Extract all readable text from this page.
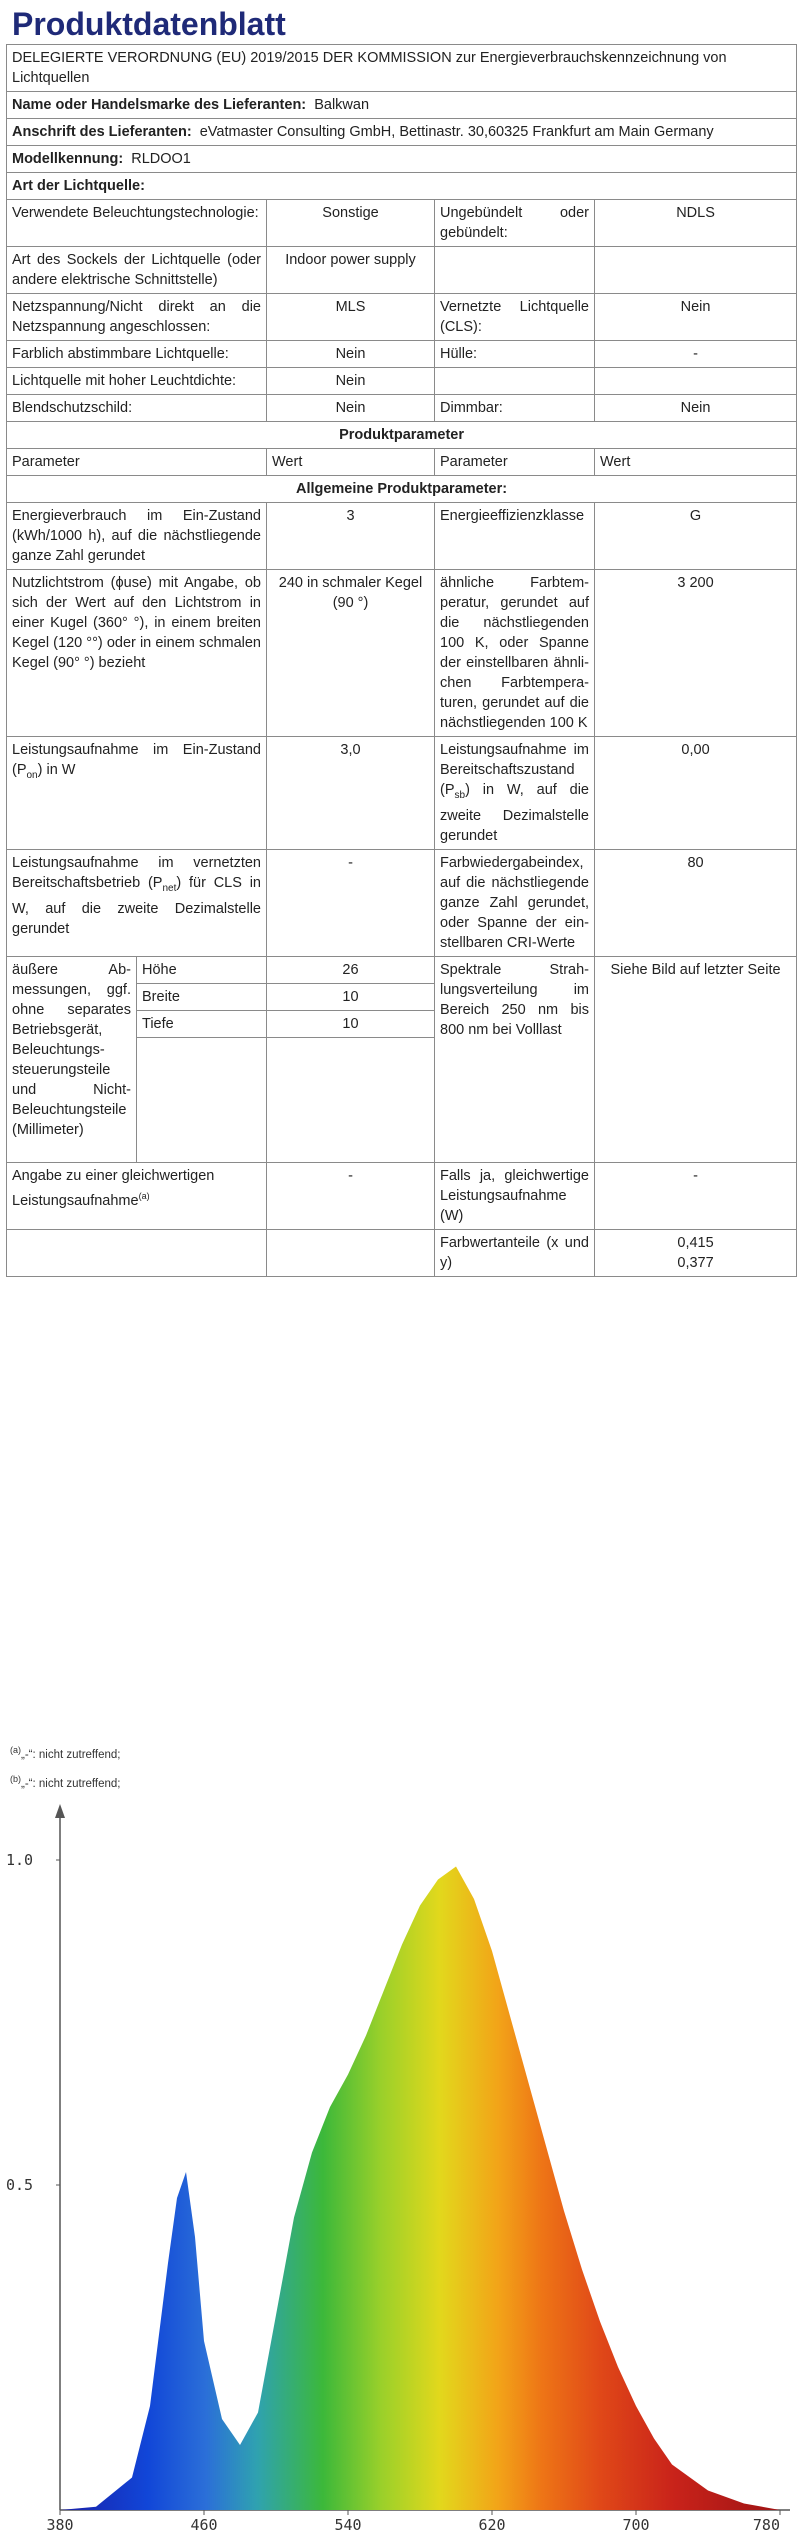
Produktdatenblatt
DELEGIERTE VERORDNUNG (EU) 2019/2015 DER KOMMISSION zur Energieverbrauchskennzeichnung von Lichtquellen				
Name oder Handelsmarke des Lieferanten: Balkwan				
Anschrift des Lieferanten: eVatmaster Consulting GmbH, Bettinastr. 30,60325 Frankfurt am Main Germany				
Modellkennung: RLDOO1				
Art der Lichtquelle:				
Verwendete Beleuchtungstechnologie:		Sonstige	Ungebündelt oder gebündelt:	NDLS
Art des Sockels der Lichtquelle (oder andere elektrische Schnittstelle)		Indoor power supply		
Netzspannung/Nicht direkt an die Netzspannung angeschlossen:		MLS	Vernetzte Lichtquelle (CLS):	Nein
Farblich abstimmbare Lichtquelle:		Nein	Hülle:	-
Lichtquelle mit hoher Leuchtdichte:		Nein		
Blendschutzschild:		Nein	Dimmbar:	Nein
Produktparameter				
Parameter		Wert	Parameter	Wert
Allgemeine Produktparameter:				
Energieverbrauch im Ein-Zustand (kWh/1000 h), auf die nächstliegende ganze Zahl gerundet		3	Energieeffizienzklasse	G
Nutzlichtstrom (ϕuse) mit Angabe, ob sich der Wert auf den Lichtstrom in einer Kugel (360° °), in einem breiten Kegel (120 °°) oder in einem schmalen Kegel (90° °) bezieht		240 in schmaler Kegel (90 °)	ähnliche Farbtemperatur, gerundet auf die nächstliegenden 100 K, oder Spanne der einstellbaren ähnlichen Farbtemperaturen, gerundet auf die nächstliegenden 100 K	3 200
Leistungsaufnahme im Ein-Zustand $(P_{on})$ in W		3,0	Leistungsaufnahme im Bereitschaftszustand $(P_{sb})$ in W, auf die zweite Dezimalstelle gerundet	0,00
Leistungsaufnahme im vernetzten Bereitschaftsbetrieb $(P_{net})$ für CLS in W, auf die zweite Dezimalstelle gerundet		-	Farbwiedergabeindex, auf die nächstliegende ganze Zahl gerundet, oder Spanne der einstellbaren CRI-Werte	80
äußere Abmessungen, ggf. ohne separates Betriebsgerät, Beleuchtungssteuerungsteile und Nicht-Beleuchtungsteile (Millimeter)	Höhe	26	Spektrale Strahlungsverteilung im Bereich 250 nm bis 800 nm bei Volllast	Siehe Bild auf letzter Seite
	Breite	10		
	Tiefe	10		

Angabe zu einer gleichwertigen Leistungsaufnahme$^{(a)}$		-	Falls ja, gleichwertige Leistungsaufnahme (W)	-
			Farbwertanteile (x und y)	0,415
0,377
$^{(a)}$„-“: nicht zutreffend;
$^{(b)}$„-“: nicht zutreffend;
380	460	540	620	700	780
0.5
1.0
